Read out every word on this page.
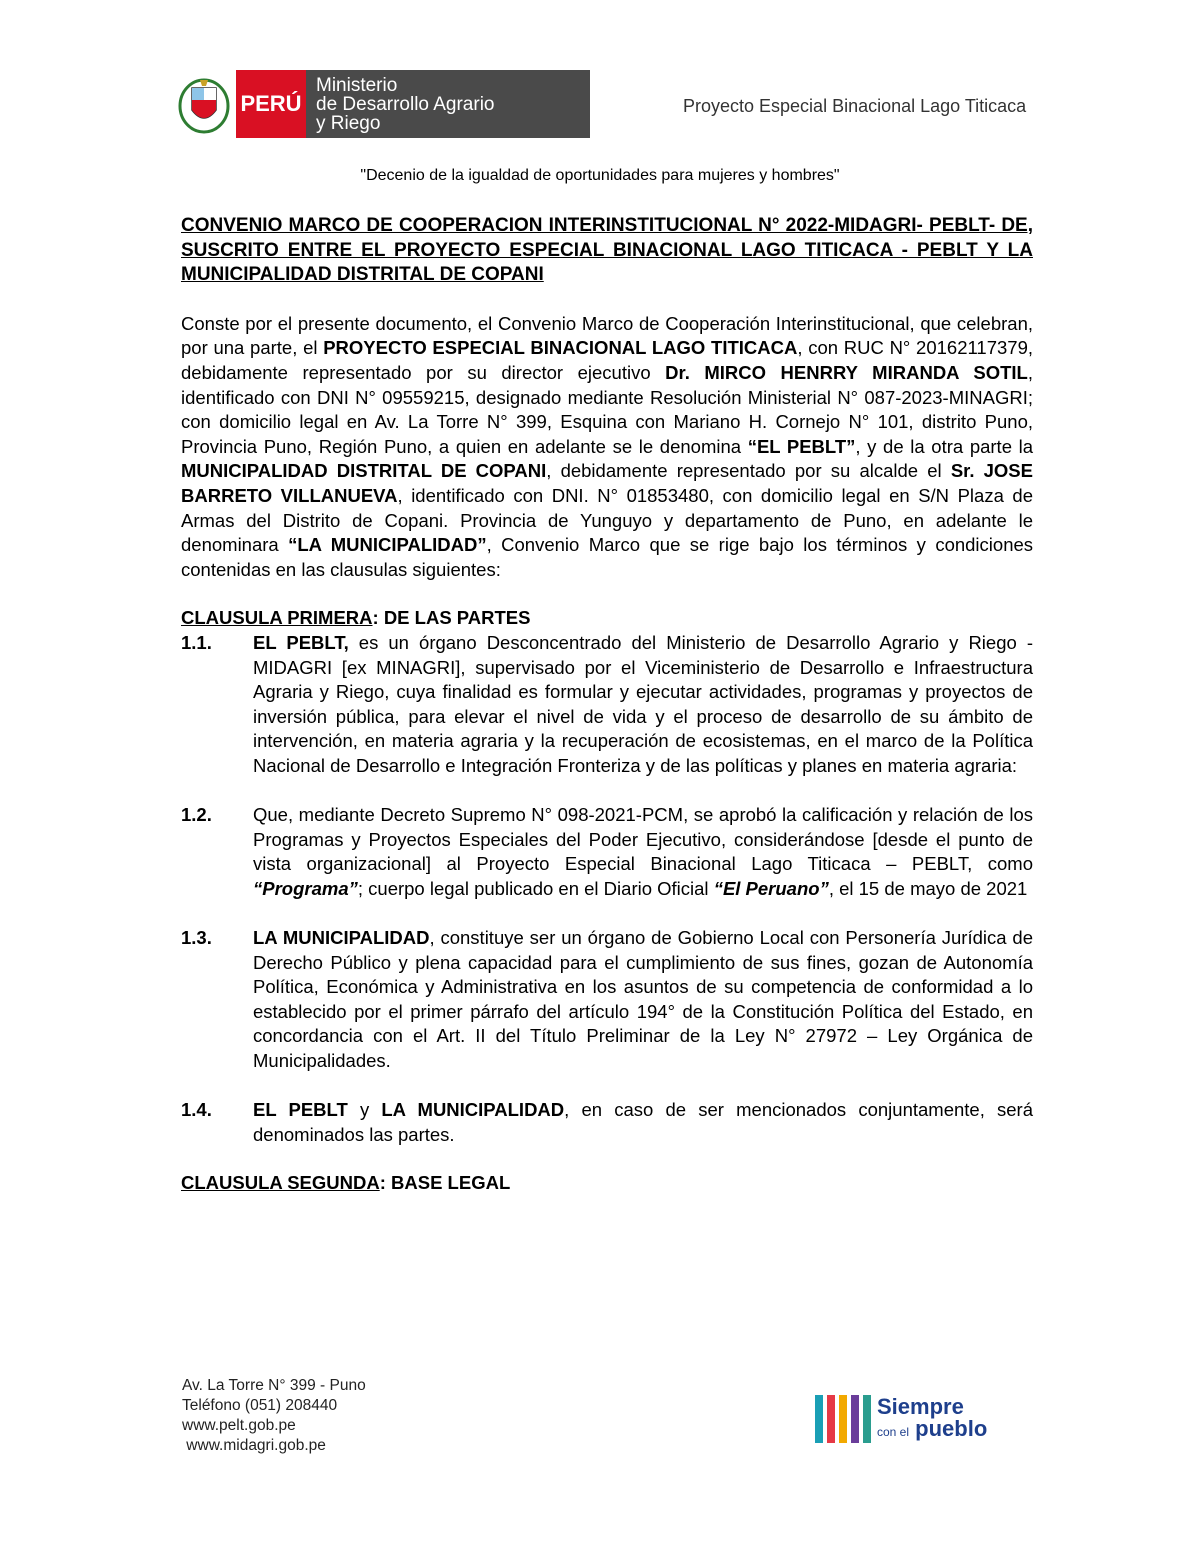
PERÚ
Ministerio
de Desarrollo Agrario
y Riego
Proyecto Especial Binacional Lago Titicaca
"Decenio de la igualdad de oportunidades para mujeres y hombres"

CONVENIO MARCO DE COOPERACION INTERINSTITUCIONAL N° 2022-MIDAGRI- PEBLT- DE, SUSCRITO ENTRE EL PROYECTO ESPECIAL BINACIONAL LAGO TITICACA - PEBLT Y LA MUNICIPALIDAD DISTRITAL DE COPANI

Conste por el presente documento, el Convenio Marco de Cooperación Interinstitucional, que celebran, por una parte, el PROYECTO ESPECIAL BINACIONAL LAGO TITICACA, con RUC N° 20162117379, debidamente representado por su director ejecutivo Dr. MIRCO HENRRY MIRANDA SOTIL, identificado con DNI N° 09559215, designado mediante Resolución Ministerial N° 087-2023-MINAGRI; con domicilio legal en Av. La Torre N° 399, Esquina con Mariano H. Cornejo N° 101, distrito Puno, Provincia Puno, Región Puno, a quien en adelante se le denomina “EL PEBLT”, y de la otra parte la MUNICIPALIDAD DISTRITAL DE COPANI, debidamente representado por su alcalde el Sr. JOSE BARRETO VILLANUEVA, identificado con DNI. N° 01853480, con domicilio legal en S/N Plaza de Armas del Distrito de Copani. Provincia de Yunguyo y departamento de Puno, en adelante le denominara “LA MUNICIPALIDAD”, Convenio Marco que se rige bajo los términos y condiciones contenidas en las clausulas siguientes:

CLAUSULA PRIMERA: DE LAS PARTES

1.1.	EL PEBLT, es un órgano Desconcentrado del Ministerio de Desarrollo Agrario y Riego - MIDAGRI [ex MINAGRI], supervisado por el Viceministerio de Desarrollo e Infraestructura Agraria y Riego, cuya finalidad es formular y ejecutar actividades, programas y proyectos de inversión pública, para elevar el nivel de vida y el proceso de desarrollo de su ámbito de intervención, en materia agraria y la recuperación de ecosistemas, en el marco de la Política Nacional de Desarrollo e Integración Fronteriza y de las políticas y planes en materia agraria:
1.2.	Que, mediante Decreto Supremo N° 098-2021-PCM, se aprobó la calificación y relación de los Programas y Proyectos Especiales del Poder Ejecutivo, considerándose [desde el punto de vista organizacional] al Proyecto Especial Binacional Lago Titicaca – PEBLT, como “Programa”; cuerpo legal publicado en el Diario Oficial “El Peruano”, el 15 de mayo de 2021
1.3.	LA MUNICIPALIDAD, constituye ser un órgano de Gobierno Local con Personería Jurídica de Derecho Público y plena capacidad para el cumplimiento de sus fines, gozan de Autonomía Política, Económica y Administrativa en los asuntos de su competencia de conformidad a lo establecido por el primer párrafo del artículo 194° de la Constitución Política del Estado, en concordancia con el Art. II del Título Preliminar de la Ley N° 27972 – Ley Orgánica de Municipalidades.
1.4.	EL PEBLT y LA MUNICIPALIDAD, en caso de ser mencionados conjuntamente, será denominados las partes.

CLAUSULA SEGUNDA: BASE LEGAL

Av. La Torre N° 399 - Puno
Teléfono (051) 208440
www.pelt.gob.pe
www.midagri.gob.pe
Siempre
con el pueblo
